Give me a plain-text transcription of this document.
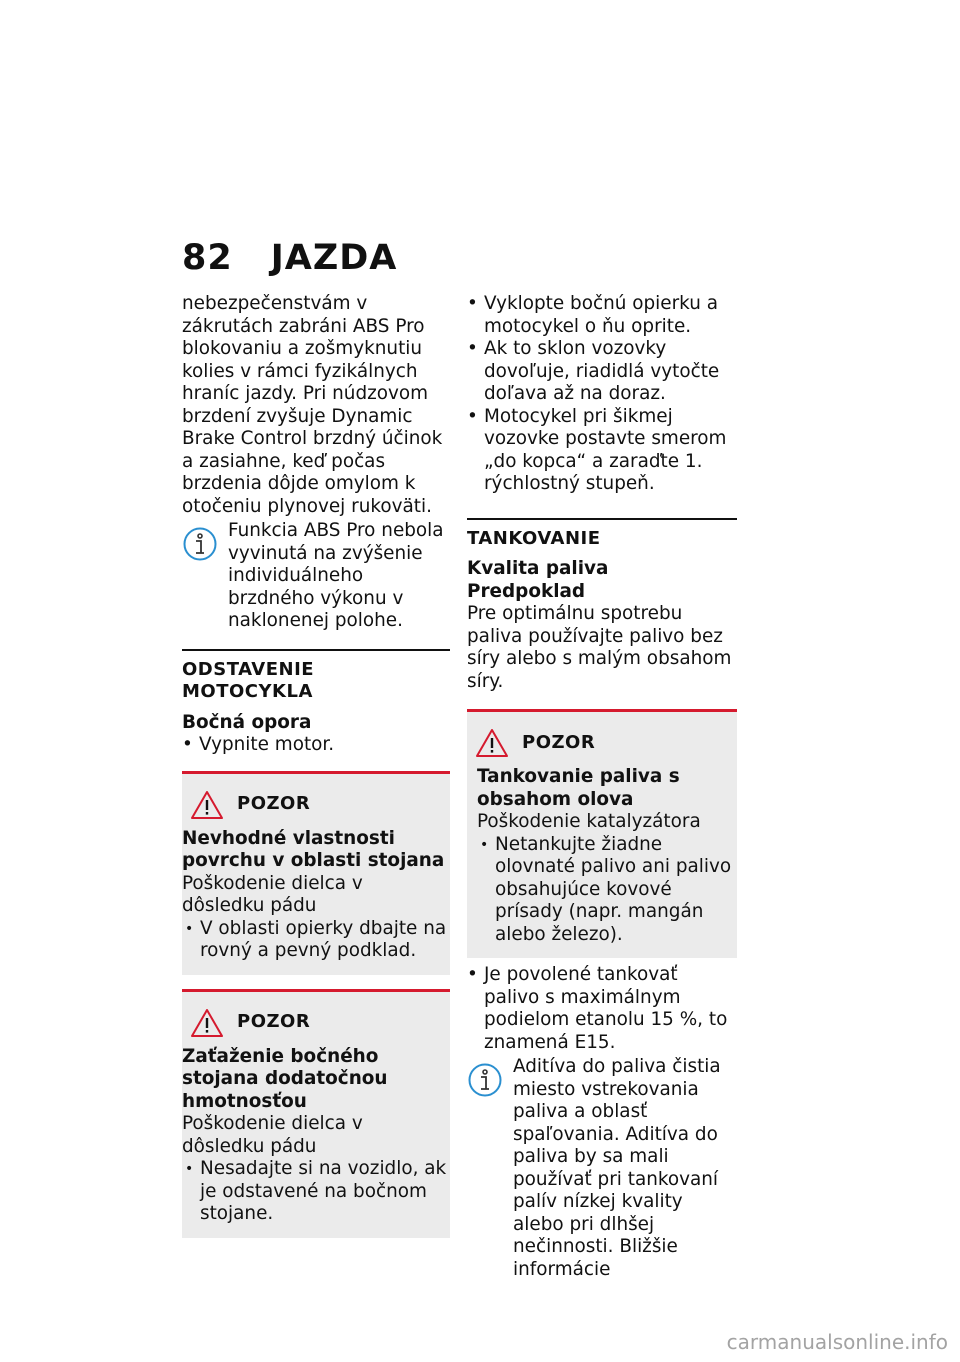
82 JAZDA

nebezpečenstvám v zákrutách zabráni ABS Pro blokovaniu a zošmyknutiu kolies v rámci fyzikálnych hraníc jazdy. Pri núdzovom brzdení zvyšuje Dynamic Brake Control brzdný účinok a zasiahne, keď počas brzdenia dôjde omylom k otočeniu plynovej rukoväti.

Funkcia ABS Pro nebola vyvinutá na zvýšenie individuálneho brzdného výkonu v naklonenej polohe.

ODSTAVENIE MOTOCYKLA
Bočná opora

• Vypnite motor.

POZOR
Nevhodné vlastnosti povrchu v oblasti stojana

Poškodenie dielca v dôsledku pádu

• V oblasti opierky dbajte na rovný a pevný podklad.

POZOR
Zaťaženie bočného stojana dodatočnou hmotnosťou

Poškodenie dielca v dôsledku pádu

• Nesadajte si na vozidlo, ak je odstavené na bočnom stojane.

• Vyklopte bočnú opierku a motocykel o ňu oprite.

• Ak to sklon vozovky dovoľuje, riadidlá vytočte doľava až na doraz.

• Motocykel pri šikmej vozovke postavte smerom „do kopca“ a zaraďte 1. rýchlostný stupeň.

TANKOVANIE
Kvalita paliva
Predpoklad

Pre optimálnu spotrebu paliva používajte palivo bez síry alebo s malým obsahom síry.

POZOR
Tankovanie paliva s obsahom olova

Poškodenie katalyzátora

• Netankujte žiadne olovnaté palivo ani palivo obsahujúce kovové prísady (napr. mangán alebo železo).

• Je povolené tankovať palivo s maximálnym podielom etanolu 15 %, to znamená E15.

Aditíva do paliva čistia miesto vstrekovania paliva a oblasť spaľovania. Aditíva do paliva by sa mali používať pri tankovaní palív nízkej kvality alebo pri dlhšej nečinnosti. Bližšie informácie

carmanualsonline.info
